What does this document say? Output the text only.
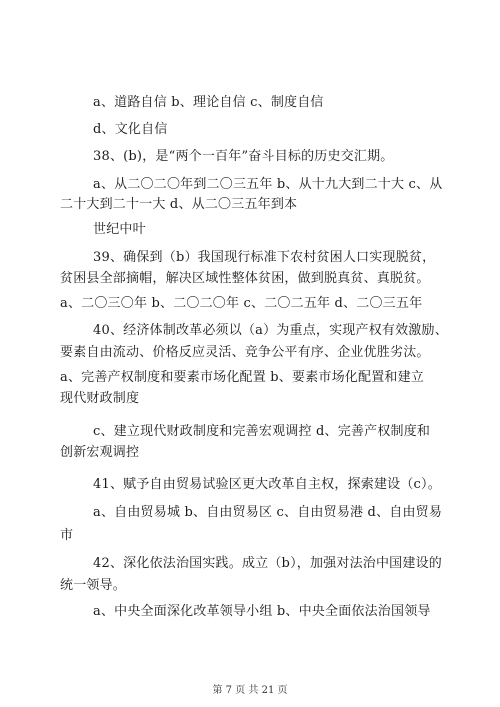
a、道路自信 b、理论自信 c、制度自信
d、文化自信
38、(b)，是“两个一百年”奋斗目标的历史交汇期。
a、从二〇二〇年到二〇三五年 b、从十九大到二十大 c、从
二十大到二十一大 d、从二〇三五年到本
世纪中叶
39、确保到（b）我国现行标准下农村贫困人口实现脱贫，
贫困县全部摘帽，解决区域性整体贫困，做到脱真贫、真脱贫。
a、二〇三〇年 b、二〇二〇年 c、二〇二五年 d、二〇三五年
40、经济体制改革必须以（a）为重点，实现产权有效激励、
要素自由流动、价格反应灵活、竞争公平有序、企业优胜劣汰。
a、完善产权制度和要素市场化配置 b、要素市场化配置和建立
现代财政制度
c、建立现代财政制度和完善宏观调控 d、完善产权制度和
创新宏观调控
41、赋予自由贸易试验区更大改革自主权，探索建设（c）。
a、自由贸易城 b、自由贸易区 c、自由贸易港 d、自由贸易
市
42、深化依法治国实践。成立（b），加强对法治中国建设的
统一领导。
a、中央全面深化改革领导小组 b、中央全面依法治国领导
第 7 页 共 21 页
